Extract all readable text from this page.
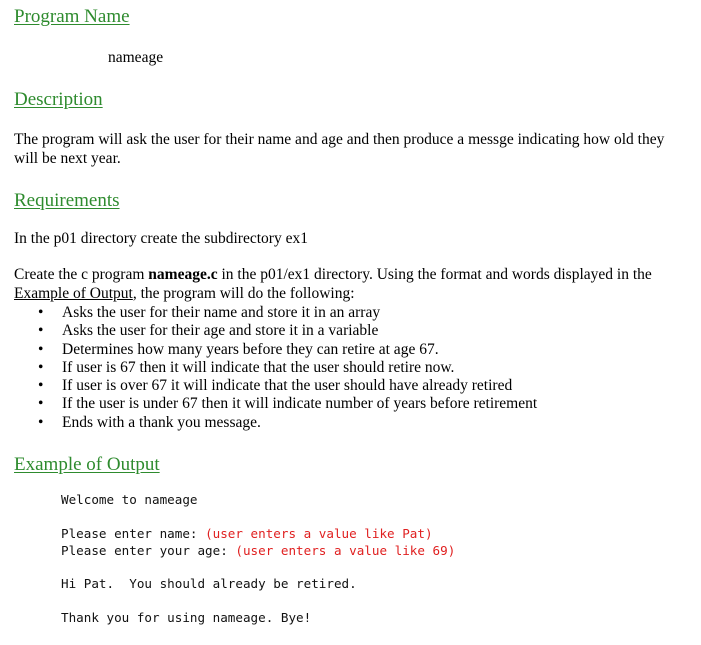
Program Name
nameage
Description
The program will ask the user for their name and age and then produce a messge indicating how old they will be next year.
Requirements
In the p01 directory create the subdirectory ex1
Create the c program nameage.c in the p01/ex1 directory. Using the format and words displayed in the Example of Output, the program will do the following:
• Asks the user for their name and store it in an array
• Asks the user for their age and store it in a variable
• Determines how many years before they can retire at age 67.
• If user is 67 then it will indicate that the user should retire now.
• If user is over 67 it will indicate that the user should have already retired
• If the user is under 67 then it will indicate number of years before retirement
• Ends with a thank you message.
Example of Output
Welcome to nameage
Please enter name: (user enters a value like Pat)
Please enter your age: (user enters a value like 69)
Hi Pat.  You should already be retired.
Thank you for using nameage. Bye!
